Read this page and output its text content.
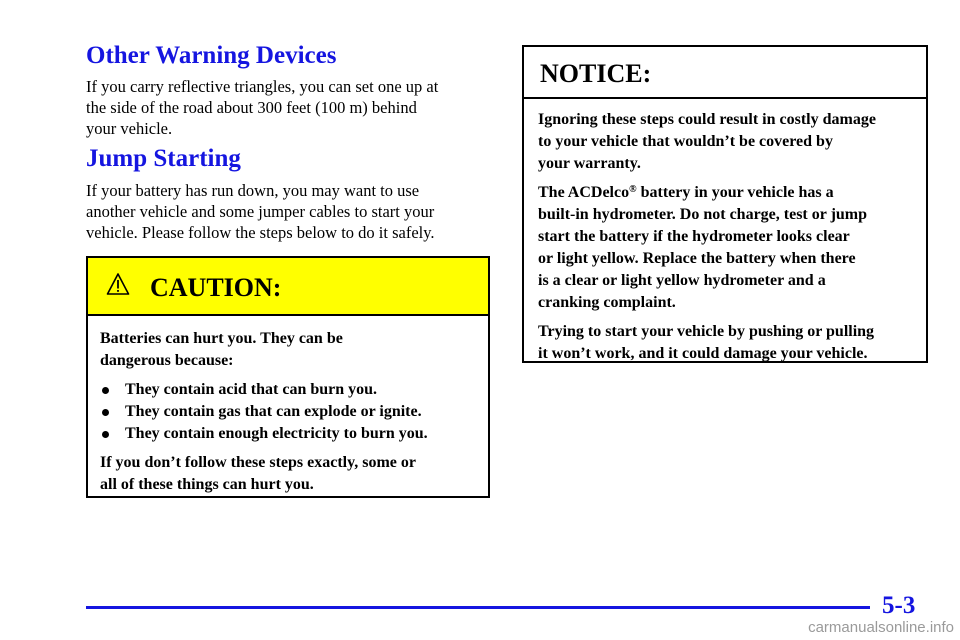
Other Warning Devices
If you carry reflective triangles, you can set one up at
the side of the road about 300 feet (100 m) behind
your vehicle.
Jump Starting
If your battery has run down, you may want to use
another vehicle and some jumper cables to start your
vehicle. Please follow the steps below to do it safely.
CAUTION:

Batteries can hurt you. They can be
dangerous because:

They contain acid that can burn you.
They contain gas that can explode or ignite.
They contain enough electricity to burn you.

If you don’t follow these steps exactly, some or
all of these things can hurt you.

NOTICE:

Ignoring these steps could result in costly damage
to your vehicle that wouldn’t be covered by
your warranty.

The ACDelco® battery in your vehicle has a
built-in hydrometer. Do not charge, test or jump
start the battery if the hydrometer looks clear
or light yellow. Replace the battery when there
is a clear or light yellow hydrometer and a
cranking complaint.

Trying to start your vehicle by pushing or pulling
it won’t work, and it could damage your vehicle.

5-3
carmanualsonline.info
